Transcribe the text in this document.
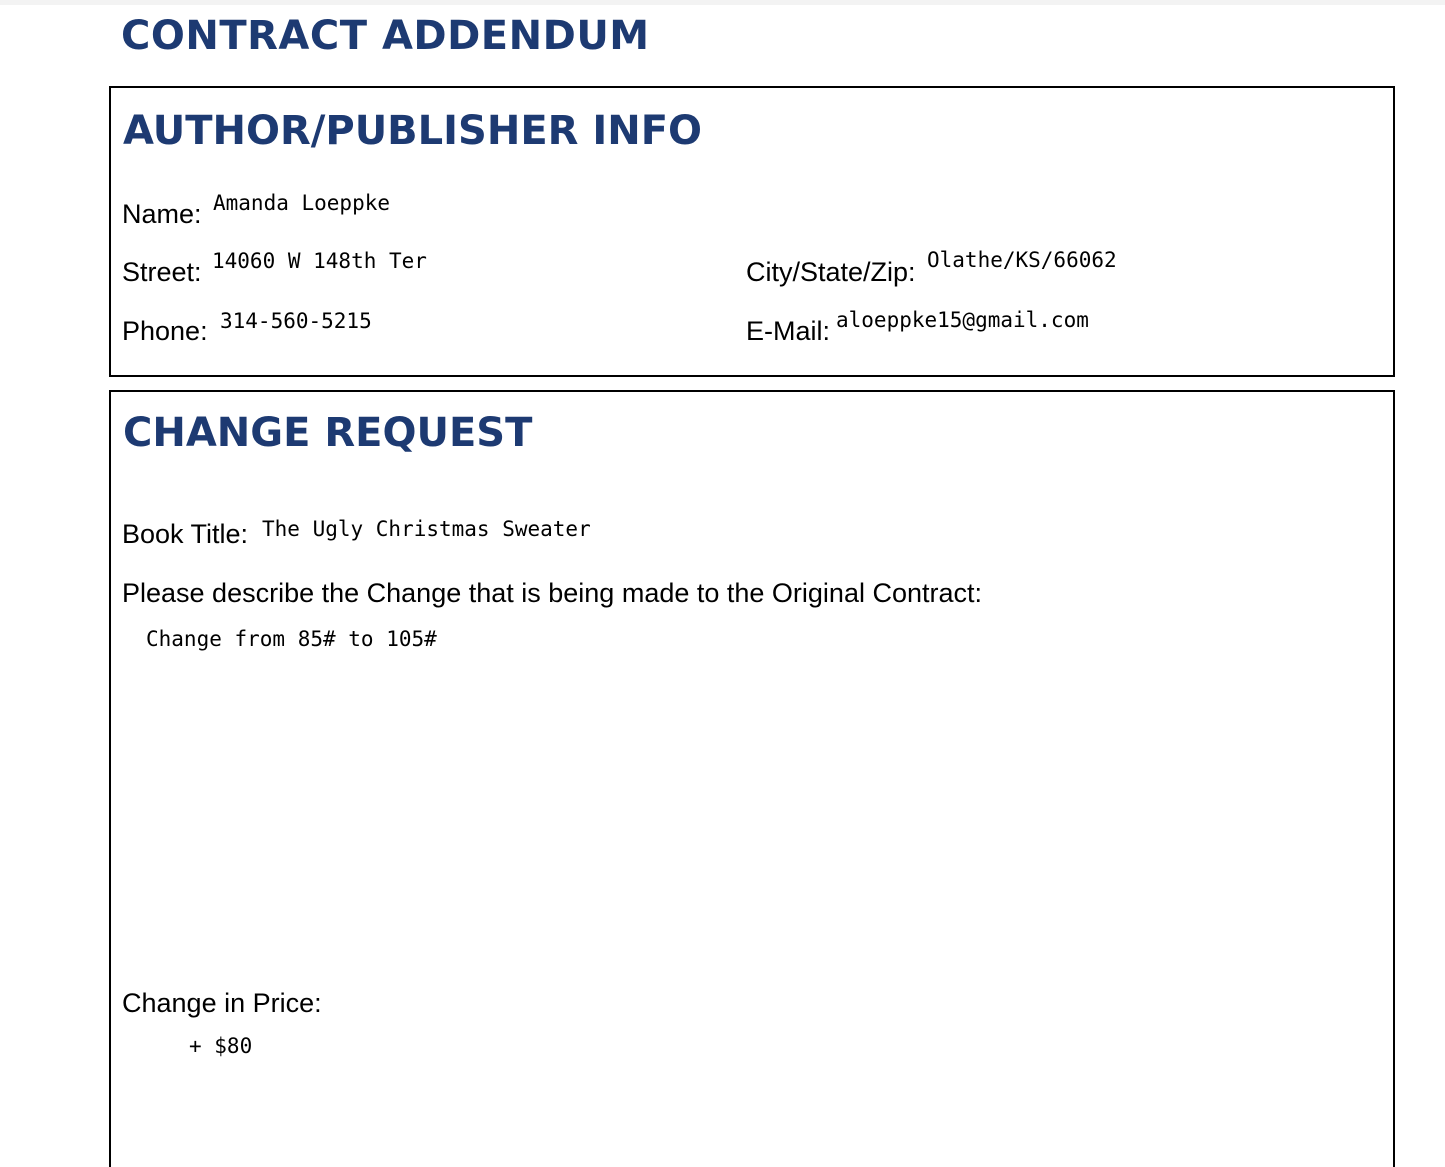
CONTRACT ADDENDUM
AUTHOR/PUBLISHER INFO
Name: Amanda Loeppke
Street: 14060 W 148th Ter	City/State/Zip: Olathe/KS/66062
Phone: 314-560-5215	E-Mail: aloeppke15@gmail.com
CHANGE REQUEST
Book Title: The Ugly Christmas Sweater
Please describe the Change that is being made to the Original Contract:
Change from 85# to 105#
Change in Price:
+ $80
